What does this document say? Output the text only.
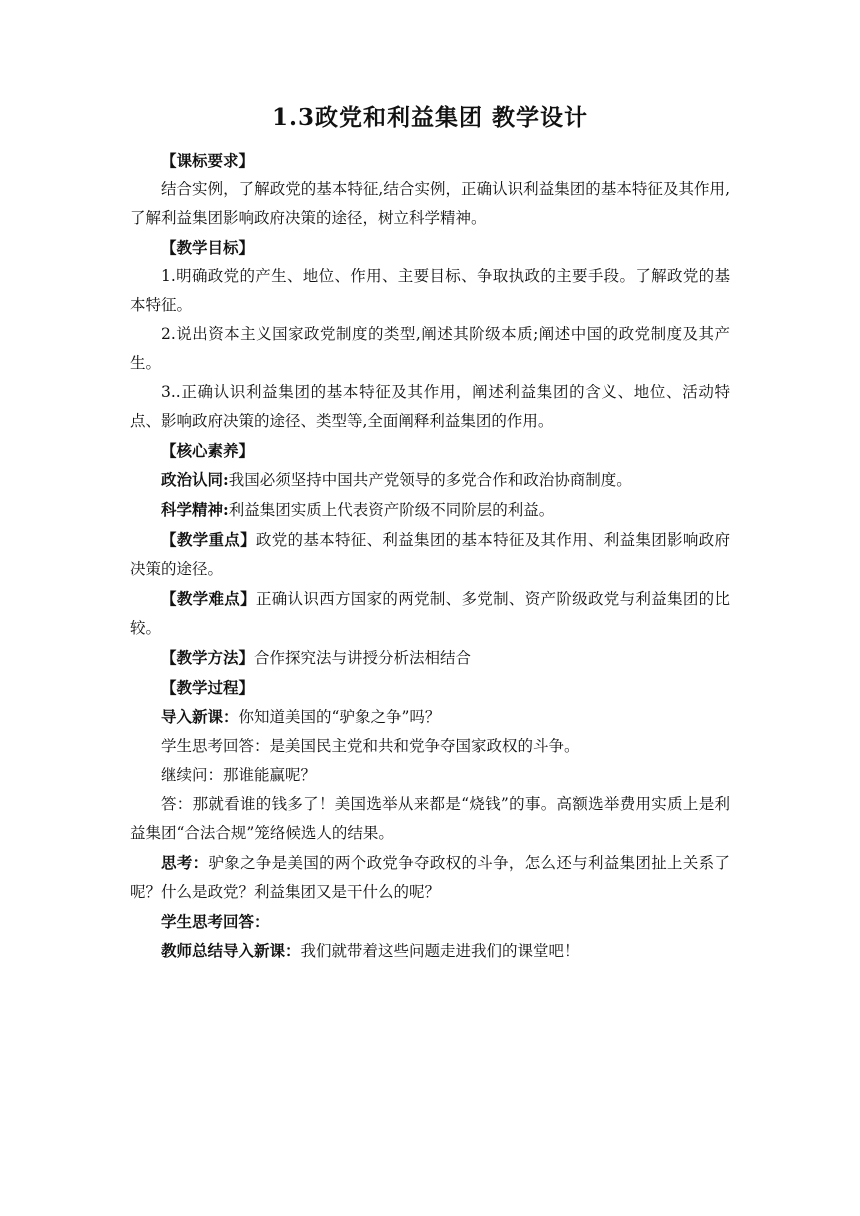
1.3政党和利益集团 教学设计

【课标要求】

结合实例，了解政党的基本特征,结合实例，正确认识利益集团的基本特征及其作用,了解利益集团影响政府决策的途径，树立科学精神。

【教学目标】

1.明确政党的产生、地位、作用、主要目标、争取执政的主要手段。了解政党的基本特征。

2.说出资本主义国家政党制度的类型,阐述其阶级本质;阐述中国的政党制度及其产生。

3..正确认识利益集团的基本特征及其作用，阐述利益集团的含义、地位、活动特点、影响政府决策的途径、类型等,全面阐释利益集团的作用。

【核心素养】

政治认同:我国必须坚持中国共产党领导的多党合作和政治协商制度。

科学精神:利益集团实质上代表资产阶级不同阶层的利益。

【教学重点】政党的基本特征、利益集团的基本特征及其作用、利益集团影响政府决策的途径。

【教学难点】正确认识西方国家的两党制、多党制、资产阶级政党与利益集团的比较。

【教学方法】合作探究法与讲授分析法相结合

【教学过程】

导入新课：你知道美国的“驴象之争”吗？

学生思考回答：是美国民主党和共和党争夺国家政权的斗争。

继续问：那谁能赢呢？

答：那就看谁的钱多了！美国选举从来都是“烧钱”的事。高额选举费用实质上是利益集团“合法合规”笼络候选人的结果。

思考：驴象之争是美国的两个政党争夺政权的斗争，怎么还与利益集团扯上关系了呢？什么是政党？利益集团又是干什么的呢？

学生思考回答：

教师总结导入新课：我们就带着这些问题走进我们的课堂吧！
